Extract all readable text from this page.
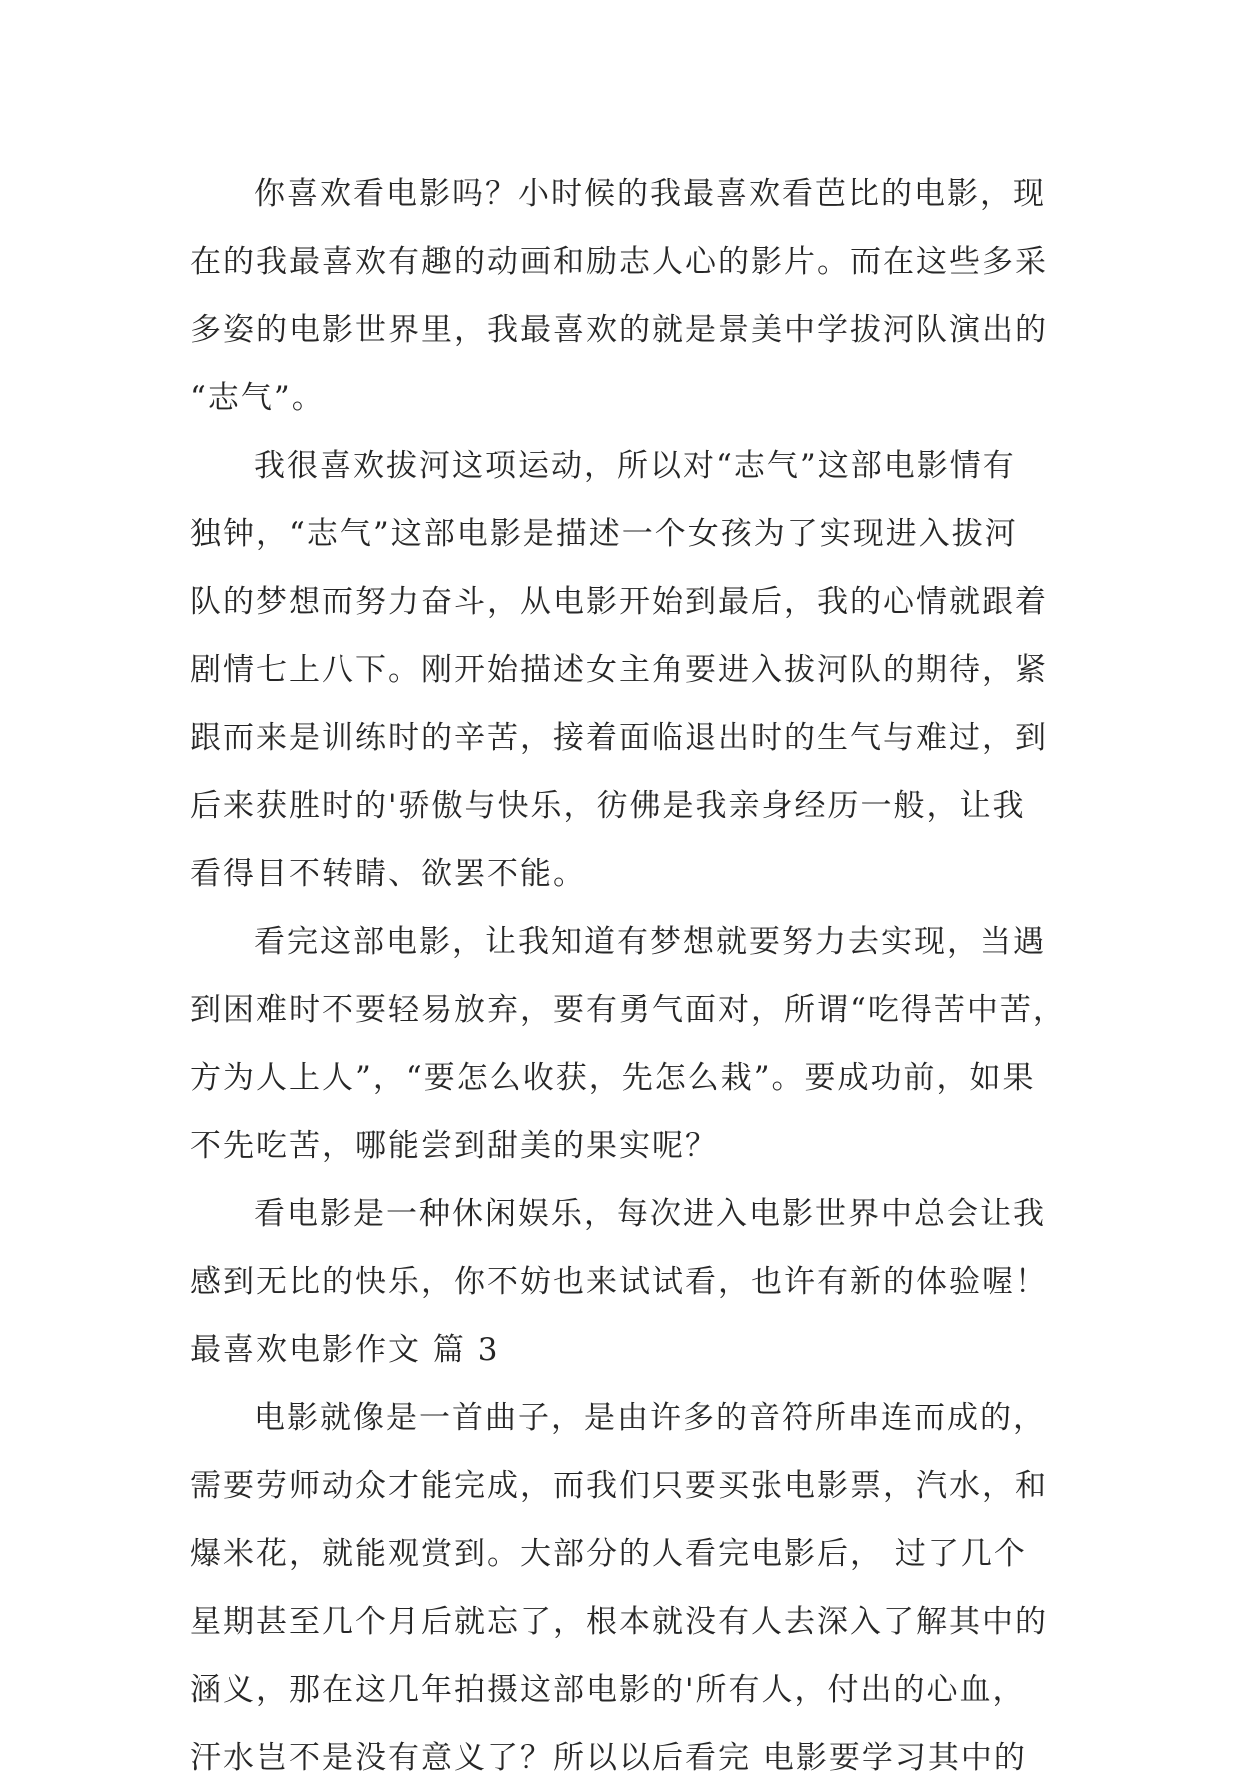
你喜欢看电影吗？小时候的我最喜欢看芭比的电影，现
在的我最喜欢有趣的动画和励志人心的影片。而在这些多采
多姿的电影世界里，我最喜欢的就是景美中学拔河队演出的
“志气”。
我很喜欢拔河这项运动，所以对“志气”这部电影情有
独钟，“志气”这部电影是描述一个女孩为了实现进入拔河
队的梦想而努力奋斗，从电影开始到最后，我的心情就跟着
剧情七上八下。刚开始描述女主角要进入拔河队的期待，紧
跟而来是训练时的辛苦，接着面临退出时的生气与难过，到
后来获胜时的'骄傲与快乐，彷佛是我亲身经历一般，让我
看得目不转睛、欲罢不能。
看完这部电影，让我知道有梦想就要努力去实现，当遇
到困难时不要轻易放弃，要有勇气面对，所谓“吃得苦中苦，
方为人上人”，“要怎么收获，先怎么栽”。要成功前，如果
不先吃苦，哪能尝到甜美的果实呢？
看电影是一种休闲娱乐，每次进入电影世界中总会让我
感到无比的快乐，你不妨也来试试看，也许有新的体验喔！
最喜欢电影作文 篇 3
电影就像是一首曲子，是由许多的音符所串连而成的，
需要劳师动众才能完成，而我们只要买张电影票，汽水，和
爆米花，就能观赏到。大部分的人看完电影后， 过了几个
星期甚至几个月后就忘了，根本就没有人去深入了解其中的
涵义，那在这几年拍摄这部电影的'所有人，付出的心血，
汗水岂不是没有意义了？所以以后看完 电影要学习其中的
